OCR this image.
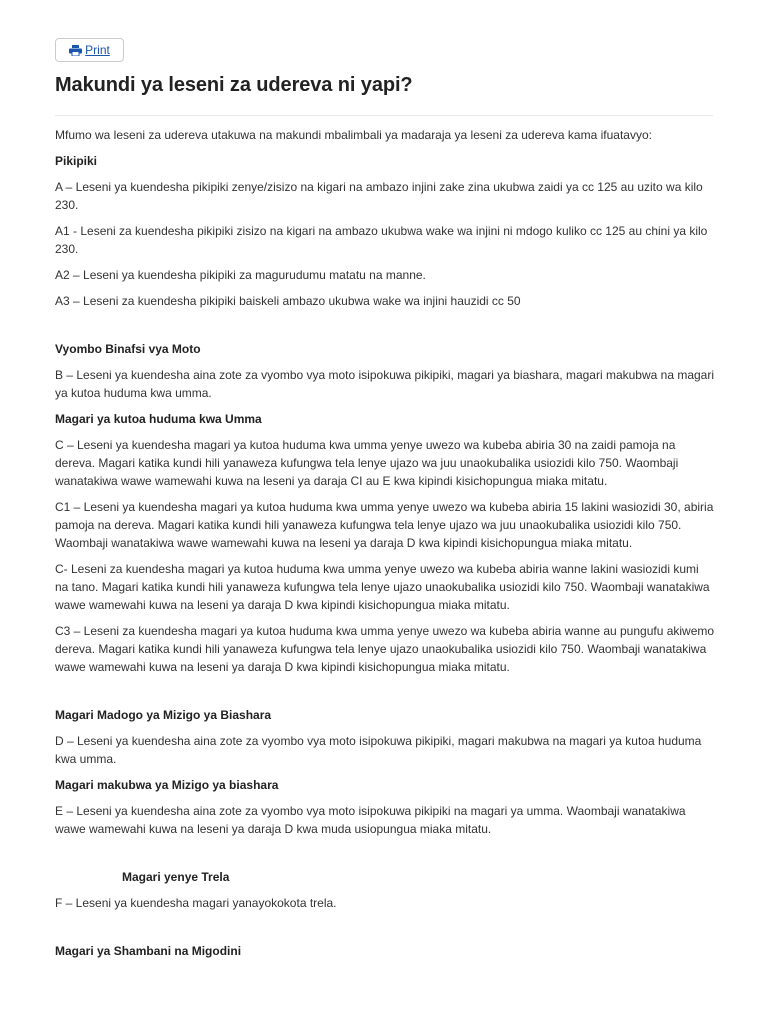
Print
Makundi ya leseni za udereva ni yapi?

Mfumo wa leseni za udereva utakuwa na makundi mbalimbali ya madaraja ya leseni za udereva kama ifuatavyo:

Pikipiki

A – Leseni ya kuendesha pikipiki zenye/zisizo na kigari na ambazo injini zake zina ukubwa zaidi ya cc 125 au uzito wa kilo 230.

A1 - Leseni za kuendesha pikipiki zisizo na kigari na ambazo ukubwa wake wa injini ni mdogo kuliko cc 125 au chini ya kilo 230.

A2 – Leseni ya kuendesha pikipiki za magurudumu matatu na manne.

A3 – Leseni za kuendesha pikipiki baiskeli ambazo ukubwa wake wa injini hauzidi cc 50

Vyombo Binafsi vya Moto

B – Leseni ya kuendesha aina zote za vyombo vya moto isipokuwa pikipiki, magari ya biashara, magari makubwa na magari ya kutoa huduma kwa umma.

Magari ya kutoa huduma kwa Umma

C – Leseni ya kuendesha magari ya kutoa huduma kwa umma yenye uwezo wa kubeba abiria 30 na zaidi pamoja na dereva. Magari katika kundi hili yanaweza kufungwa tela lenye ujazo wa juu unaokubalika usiozidi kilo 750. Waombaji wanatakiwa wawe wamewahi kuwa na leseni ya daraja CI au E kwa kipindi kisichopungua miaka mitatu.

C1 – Leseni ya kuendesha magari ya kutoa huduma kwa umma yenye uwezo wa kubeba abiria 15 lakini wasiozidi 30, abiria pamoja na dereva. Magari katika kundi hili yanaweza kufungwa tela lenye ujazo wa juu unaokubalika usiozidi kilo 750. Waombaji wanatakiwa wawe wamewahi kuwa na leseni ya daraja D kwa kipindi kisichopungua miaka mitatu.

C- Leseni za kuendesha magari ya kutoa huduma kwa umma yenye uwezo wa kubeba abiria wanne lakini wasiozidi kumi na tano. Magari katika kundi hili yanaweza kufungwa tela lenye ujazo unaokubalika usiozidi kilo 750. Waombaji wanatakiwa wawe wamewahi kuwa na leseni ya daraja D kwa kipindi kisichopungua miaka mitatu.

C3 – Leseni za kuendesha magari ya kutoa huduma kwa umma yenye uwezo wa kubeba abiria wanne au pungufu akiwemo dereva. Magari katika kundi hili yanaweza kufungwa tela lenye ujazo unaokubalika usiozidi kilo 750. Waombaji wanatakiwa wawe wamewahi kuwa na leseni ya daraja D kwa kipindi kisichopungua miaka mitatu.

Magari Madogo ya Mizigo ya Biashara

D – Leseni ya kuendesha aina zote za vyombo vya moto isipokuwa pikipiki, magari makubwa na magari ya kutoa huduma kwa umma.

Magari makubwa ya Mizigo ya biashara

E – Leseni ya kuendesha aina zote za vyombo vya moto isipokuwa pikipiki na magari ya umma. Waombaji wanatakiwa wawe wamewahi kuwa na leseni ya daraja D kwa muda usiopungua miaka mitatu.

Magari yenye Trela

F – Leseni ya kuendesha magari yanayokokota trela.

Magari ya Shambani na Migodini
